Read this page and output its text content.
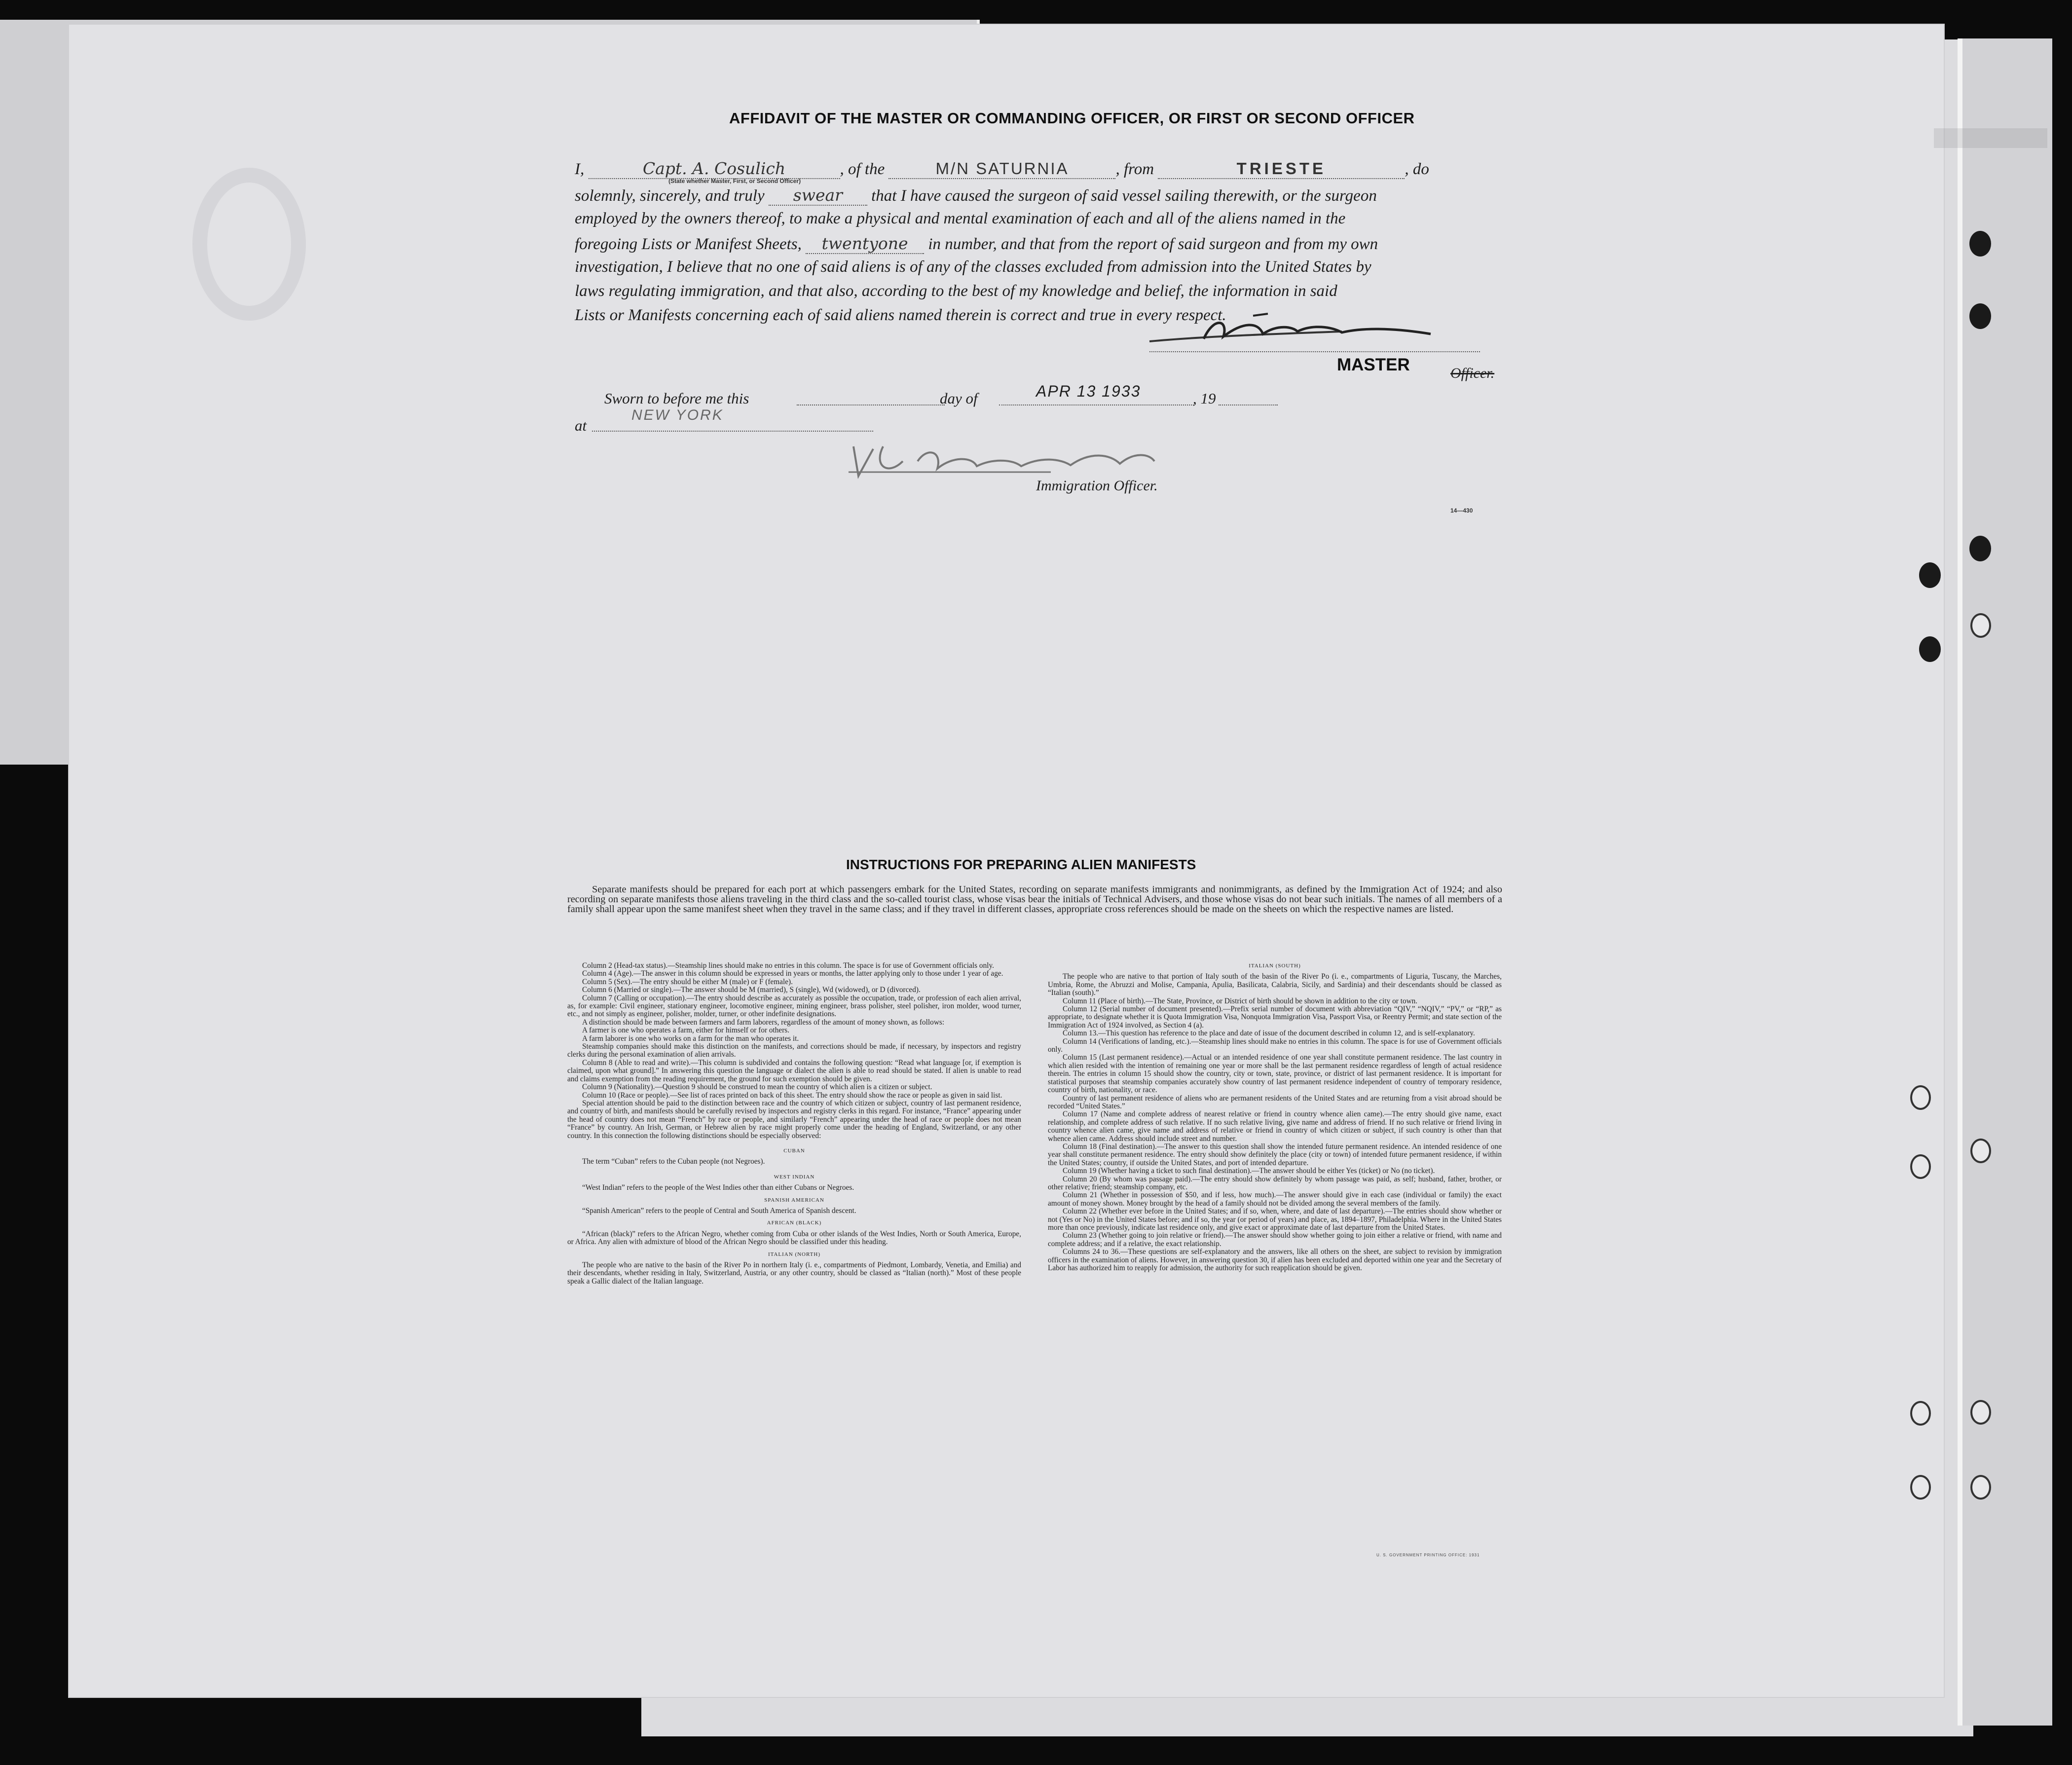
AFFIDAVIT OF THE MASTER OR COMMANDING OFFICER, OR FIRST OR SECOND OFFICER
I,	Capt. A. Cosulich	, of the	M/N SATURNIA	, from	TRIESTE	, do
(State whether Master, First, or Second Officer)
solemnly, sincerely, and truly swear that I have caused the surgeon of said vessel sailing therewith, or the surgeon
employed by the owners thereof, to make a physical and mental examination of each and all of the aliens named in the
foregoing Lists or Manifest Sheets, twentyone in number, and that from the report of said surgeon and from my own
investigation, I believe that no one of said aliens is of any of the classes excluded from admission into the United States by
laws regulating immigration, and that also, according to the best of my knowledge and belief, the information in said
Lists or Manifests concerning each of said aliens named therein is correct and true in every respect.
MASTER	Officer.
Sworn to before me this	day of	APR 13 1933	, 19
at
NEW YORK
Immigration Officer.
14—430
INSTRUCTIONS FOR PREPARING ALIEN MANIFESTS
Separate manifests should be prepared for each port at which passengers embark for the United States, recording on separate manifests immigrants and nonimmigrants, as defined by the Immigration Act of 1924; and also recording on separate manifests those aliens traveling in the third class and the so-called tourist class, whose visas bear the initials of Technical Advisers, and those whose visas do not bear such initials. The names of all members of a family shall appear upon the same manifest sheet when they travel in the same class; and if they travel in different classes, appropriate cross references should be made on the sheets on which the respective names are listed.

Column 2 (Head-tax status).—Steamship lines should make no entries in this column. The space is for use of Government officials only.

Column 4 (Age).—The answer in this column should be expressed in years or months, the latter applying only to those under 1 year of age.

Column 5 (Sex).—The entry should be either M (male) or F (female).

Column 6 (Married or single).—The answer should be M (married), S (single), Wd (widowed), or D (divorced).

Column 7 (Calling or occupation).—The entry should describe as accurately as possible the occupation, trade, or profession of each alien arrival, as, for example: Civil engineer, stationary engineer, locomotive engineer, mining engineer, brass polisher, steel polisher, iron molder, wood turner, etc., and not simply as engineer, polisher, molder, turner, or other indefinite designations.

A distinction should be made between farmers and farm laborers, regardless of the amount of money shown, as follows:

A farmer is one who operates a farm, either for himself or for others.

A farm laborer is one who works on a farm for the man who operates it.

Steamship companies should make this distinction on the manifests, and corrections should be made, if necessary, by inspectors and registry clerks during the personal examination of alien arrivals.

Column 8 (Able to read and write).—This column is subdivided and contains the following question: “Read what language [or, if exemption is claimed, upon what ground].” In answering this question the language or dialect the alien is able to read should be stated. If alien is unable to read and claims exemption from the reading requirement, the ground for such exemption should be given.

Column 9 (Nationality).—Question 9 should be construed to mean the country of which alien is a citizen or subject.

Column 10 (Race or people).—See list of races printed on back of this sheet. The entry should show the race or people as given in said list.

Special attention should be paid to the distinction between race and the country of which citizen or subject, country of last permanent residence, and country of birth, and manifests should be carefully revised by inspectors and registry clerks in this regard. For instance, “France” appearing under the head of country does not mean “French” by race or people, and similarly “French” appearing under the head of race or people does not mean “France” by country. An Irish, German, or Hebrew alien by race might properly come under the heading of England, Switzerland, or any other country. In this connection the following distinctions should be especially observed:

CUBAN

The term “Cuban” refers to the Cuban people (not Negroes).

WEST INDIAN

“West Indian” refers to the people of the West Indies other than either Cubans or Negroes.

SPANISH AMERICAN

“Spanish American” refers to the people of Central and South America of Spanish descent.

AFRICAN (BLACK)

“African (black)” refers to the African Negro, whether coming from Cuba or other islands of the West Indies, North or South America, Europe, or Africa. Any alien with admixture of blood of the African Negro should be classified under this heading.

ITALIAN (NORTH)

The people who are native to the basin of the River Po in northern Italy (i. e., compartments of Piedmont, Lombardy, Venetia, and Emilia) and their descendants, whether residing in Italy, Switzerland, Austria, or any other country, should be classed as “Italian (north).” Most of these people speak a Gallic dialect of the Italian language.

ITALIAN (SOUTH)

The people who are native to that portion of Italy south of the basin of the River Po (i. e., compartments of Liguria, Tuscany, the Marches, Umbria, Rome, the Abruzzi and Molise, Campania, Apulia, Basilicata, Calabria, Sicily, and Sardinia) and their descendants should be classed as “Italian (south).”

Column 11 (Place of birth).—The State, Province, or District of birth should be shown in addition to the city or town.

Column 12 (Serial number of document presented).—Prefix serial number of document with abbreviation “QIV,” “NQIV,” “PV,” or “RP,” as appropriate, to designate whether it is Quota Immigration Visa, Nonquota Immigration Visa, Passport Visa, or Reentry Permit; and state section of the Immigration Act of 1924 involved, as Section 4 (a).

Column 13.—This question has reference to the place and date of issue of the document described in column 12, and is self-explanatory.

Column 14 (Verifications of landing, etc.).—Steamship lines should make no entries in this column. The space is for use of Government officials only.

Column 15 (Last permanent residence).—Actual or an intended residence of one year shall constitute permanent residence. The last country in which alien resided with the intention of remaining one year or more shall be the last permanent residence regardless of length of actual residence therein. The entries in column 15 should show the country, city or town, state, province, or district of last permanent residence. It is important for statistical purposes that steamship companies accurately show country of last permanent residence independent of country of temporary residence, country of birth, nationality, or race.

Country of last permanent residence of aliens who are permanent residents of the United States and are returning from a visit abroad should be recorded “United States.”

Column 17 (Name and complete address of nearest relative or friend in country whence alien came).—The entry should give name, exact relationship, and complete address of such relative. If no such relative living, give name and address of friend. If no such relative or friend living in country whence alien came, give name and address of relative or friend in country of which citizen or subject, if such country is other than that whence alien came. Address should include street and number.

Column 18 (Final destination).—The answer to this question shall show the intended future permanent residence. An intended residence of one year shall constitute permanent residence. The entry should show definitely the place (city or town) of intended future permanent residence, if within the United States; country, if outside the United States, and port of intended departure.

Column 19 (Whether having a ticket to such final destination).—The answer should be either Yes (ticket) or No (no ticket).

Column 20 (By whom was passage paid).—The entry should show definitely by whom passage was paid, as self; husband, father, brother, or other relative; friend; steamship company, etc.

Column 21 (Whether in possession of $50, and if less, how much).—The answer should give in each case (individual or family) the exact amount of money shown. Money brought by the head of a family should not be divided among the several members of the family.

Column 22 (Whether ever before in the United States; and if so, when, where, and date of last departure).—The entries should show whether or not (Yes or No) in the United States before; and if so, the year (or period of years) and place, as, 1894–1897, Philadelphia. Where in the United States more than once previously, indicate last residence only, and give exact or approximate date of last departure from the United States.

Column 23 (Whether going to join relative or friend).—The answer should show whether going to join either a relative or friend, with name and complete address; and if a relative, the exact relationship.

Columns 24 to 36.—These questions are self-explanatory and the answers, like all others on the sheet, are subject to revision by immigration officers in the examination of aliens. However, in answering question 30, if alien has been excluded and deported within one year and the Secretary of Labor has authorized him to reapply for admission, the authority for such reapplication should be given.

U. S. GOVERNMENT PRINTING OFFICE: 1931
